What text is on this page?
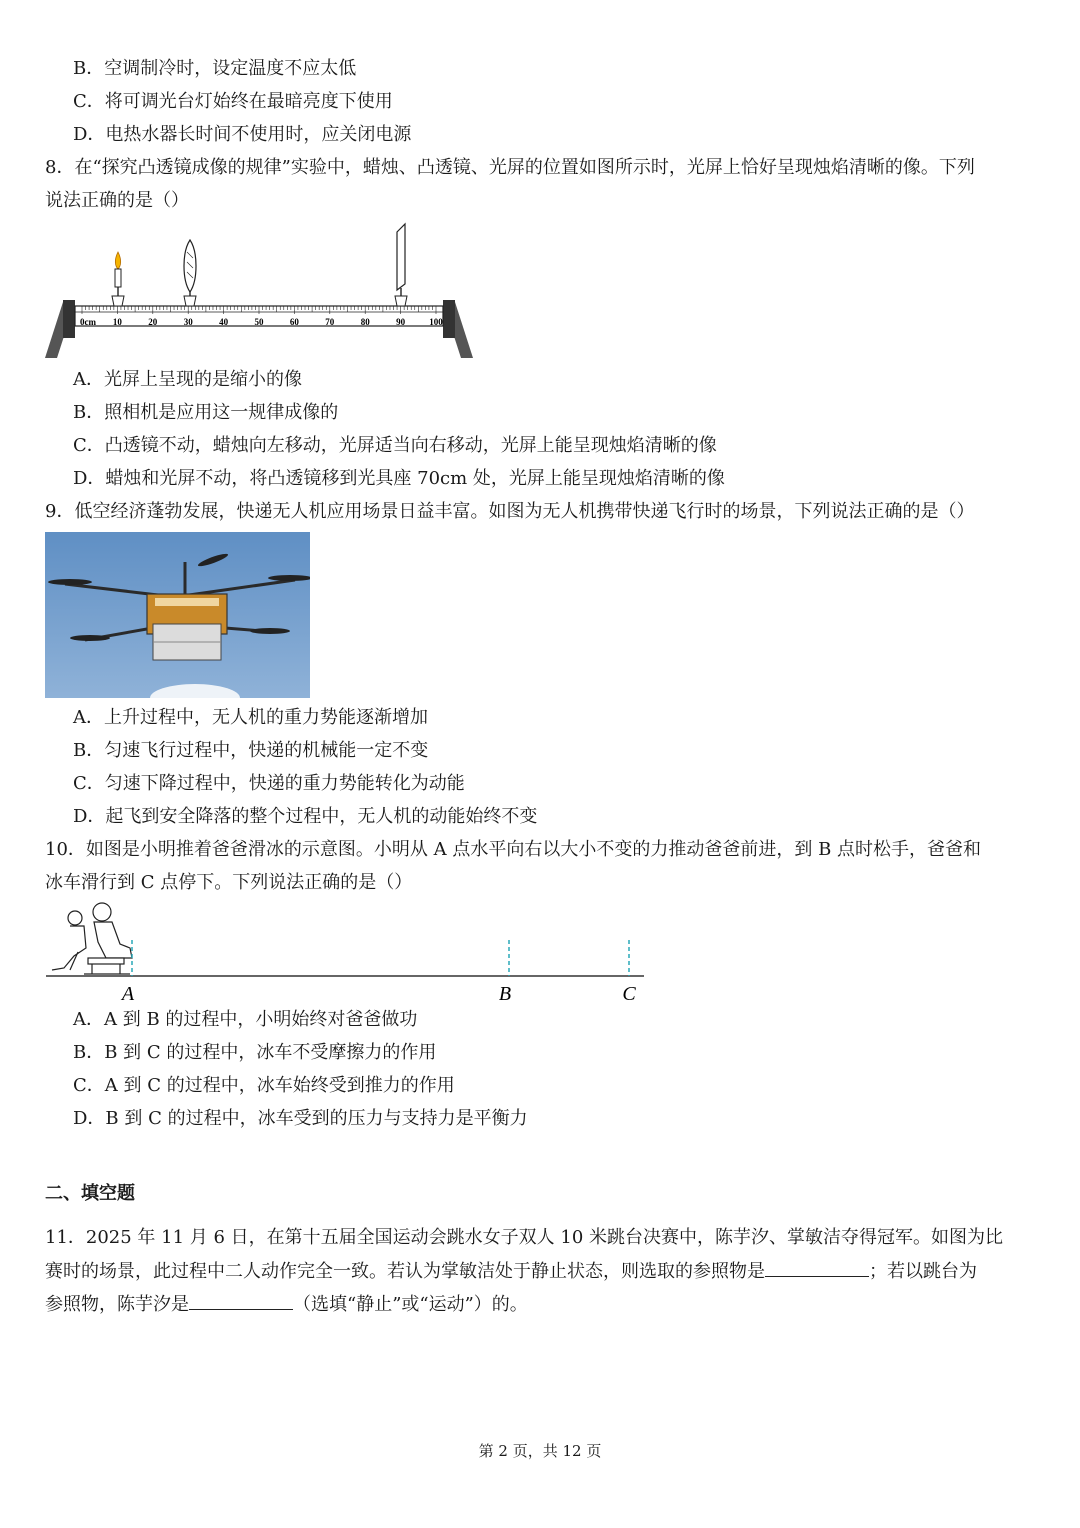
B．空调制冷时，设定温度不应太低
C．将可调光台灯始终在最暗亮度下使用
D．电热水器长时间不使用时，应关闭电源
8．在“探究凸透镜成像的规律”实验中，蜡烛、凸透镜、光屏的位置如图所示时，光屏上恰好呈现烛焰清晰的像。下列
说法正确的是（）
0cm 10	20	30	40	50	60	70	80	90	100
A．光屏上呈现的是缩小的像
B．照相机是应用这一规律成像的
C．凸透镜不动，蜡烛向左移动，光屏适当向右移动，光屏上能呈现烛焰清晰的像
D．蜡烛和光屏不动，将凸透镜移到光具座 70cm 处，光屏上能呈现烛焰清晰的像
9．低空经济蓬勃发展，快递无人机应用场景日益丰富。如图为无人机携带快递飞行时的场景，下列说法正确的是（）
A．上升过程中，无人机的重力势能逐渐增加
B．匀速飞行过程中，快递的机械能一定不变
C．匀速下降过程中，快递的重力势能转化为动能
D．起飞到安全降落的整个过程中，无人机的动能始终不变
10．如图是小明推着爸爸滑冰的示意图。小明从 A 点水平向右以大小不变的力推动爸爸前进，到 B 点时松手，爸爸和
冰车滑行到 C 点停下。下列说法正确的是（）
A	B	C
A．A 到 B 的过程中，小明始终对爸爸做功
B．B 到 C 的过程中，冰车不受摩擦力的作用
C．A 到 C 的过程中，冰车始终受到推力的作用
D．B 到 C 的过程中，冰车受到的压力与支持力是平衡力
二、填空题
11．2025 年 11 月 6 日，在第十五届全国运动会跳水女子双人 10 米跳台决赛中，陈芋汐、掌敏洁夺得冠军。如图为比
赛时的场景，此过程中二人动作完全一致。若认为掌敏洁处于静止状态，则选取的参照物是	；若以跳台为
参照物，陈芋汐是	（选填“静止”或“运动”）的。
第 2 页，共 12 页
